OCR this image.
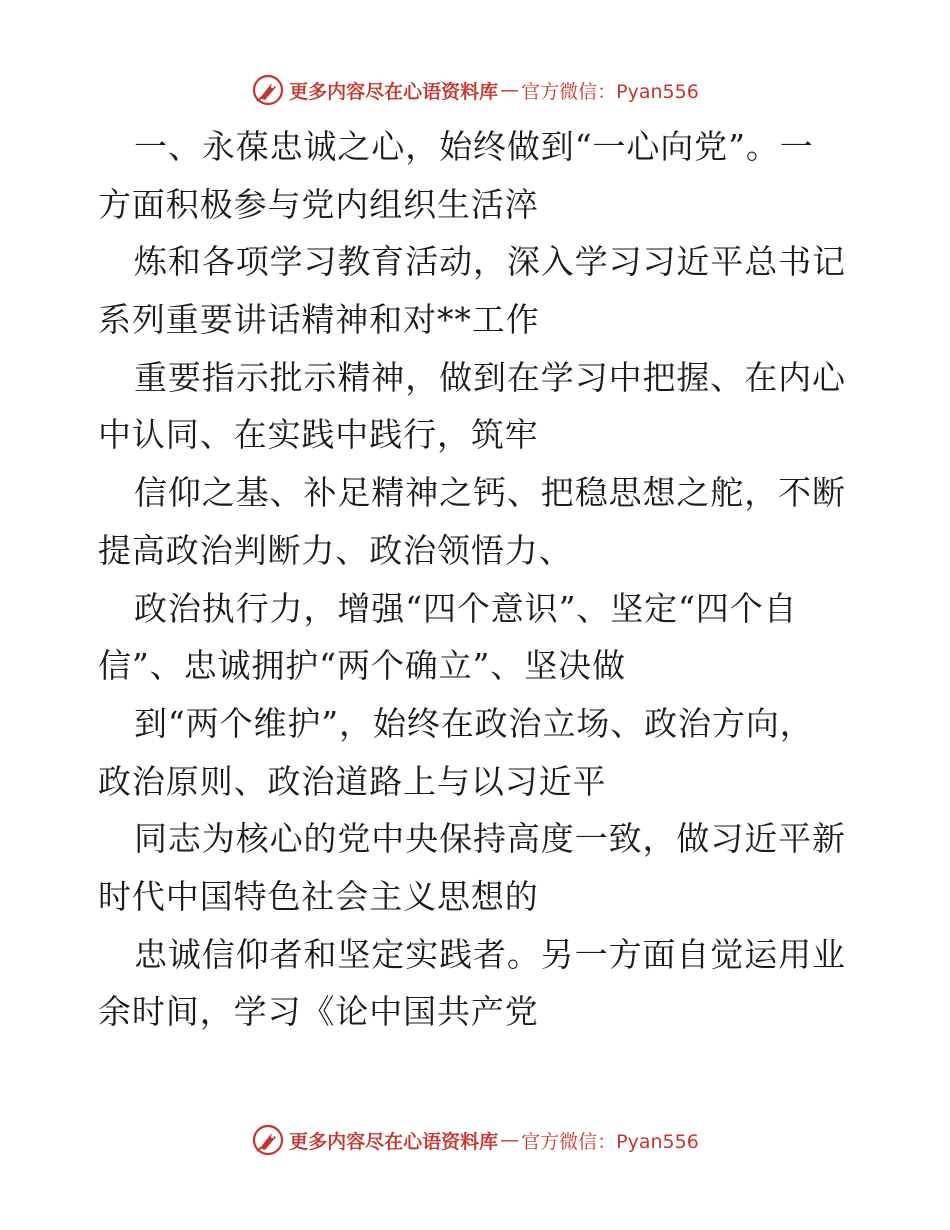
更多内容尽在心语资料库 — 官方微信：Pyan556
一、永葆忠诚之心，始终做到“一心向党”。一
方面积极参与党内组织生活淬
炼和各项学习教育活动，深入学习习近平总书记
系列重要讲话精神和对**工作
重要指示批示精神，做到在学习中把握、在内心
中认同、在实践中践行，筑牢
信仰之基、补足精神之钙、把稳思想之舵，不断
提高政治判断力、政治领悟力、
政治执行力，增强“四个意识”、坚定“四个自
信”、忠诚拥护“两个确立”、坚决做
到“两个维护”，始终在政治立场、政治方向，
政治原则、政治道路上与以习近平
同志为核心的党中央保持高度一致，做习近平新
时代中国特色社会主义思想的
忠诚信仰者和坚定实践者。另一方面自觉运用业
余时间，学习《论中国共产党
更多内容尽在心语资料库 — 官方微信：Pyan556
